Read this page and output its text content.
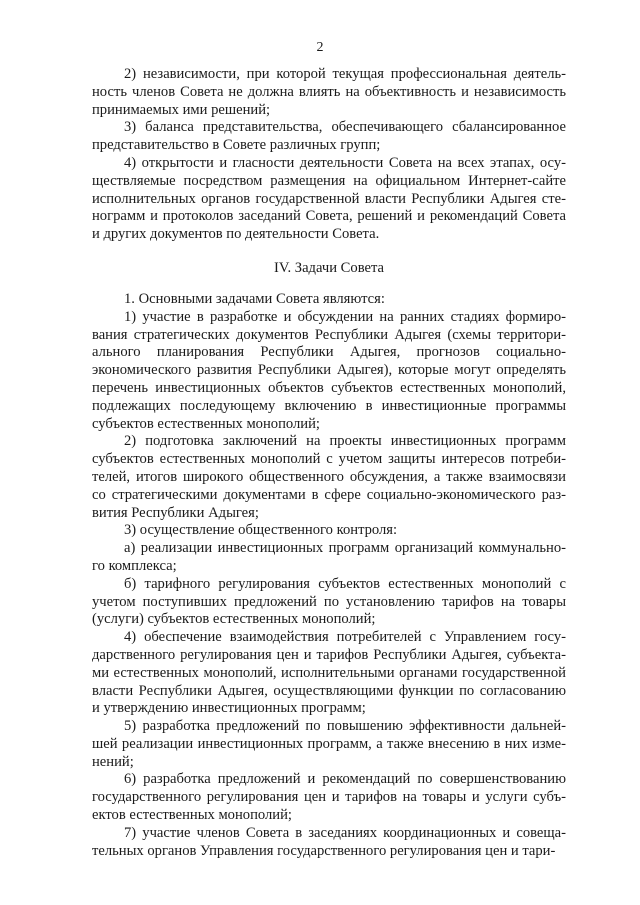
2
2) независимости, при которой текущая профессиональная деятель-
ность членов Совета не должна влиять на объективность и независимость
принимаемых ими решений;
3) баланса представительства, обеспечивающего сбалансированное
представительство в Совете различных групп;
4) открытости и гласности деятельности Совета на всех этапах, осу-
ществляемые посредством размещения на официальном Интернет-сайте
исполнительных органов государственной власти Республики Адыгея сте-
нограмм и протоколов заседаний Совета, решений и рекомендаций Совета
и других документов по деятельности Совета.
IV. Задачи Совета
1. Основными задачами Совета являются:
1) участие в разработке и обсуждении на ранних стадиях формиро-
вания стратегических документов Республики Адыгея (схемы территори-
ального планирования Республики Адыгея, прогнозов социально-
экономического развития Республики Адыгея), которые могут определять
перечень инвестиционных объектов субъектов естественных монополий,
подлежащих последующему включению в инвестиционные программы
субъектов естественных монополий;
2) подготовка заключений на проекты инвестиционных программ
субъектов естественных монополий с учетом защиты интересов потреби-
телей, итогов широкого общественного обсуждения, а также взаимосвязи
со стратегическими документами в сфере социально-экономического раз-
вития Республики Адыгея;
3) осуществление общественного контроля:
а) реализации инвестиционных программ организаций коммунально-
го комплекса;
б) тарифного регулирования субъектов естественных монополий с
учетом поступивших предложений по установлению тарифов на товары
(услуги) субъектов естественных монополий;
4) обеспечение взаимодействия потребителей с Управлением госу-
дарственного регулирования цен и тарифов Республики Адыгея, субъекта-
ми естественных монополий, исполнительными органами государственной
власти Республики Адыгея, осуществляющими функции по согласованию
и утверждению инвестиционных программ;
5) разработка предложений по повышению эффективности дальней-
шей реализации инвестиционных программ, а также внесению в них изме-
нений;
6) разработка предложений и рекомендаций по совершенствованию
государственного регулирования цен и тарифов на товары и услуги субъ-
ектов естественных монополий;
7) участие членов Совета в заседаниях координационных и совеща-
тельных органов Управления государственного регулирования цен и тари-
